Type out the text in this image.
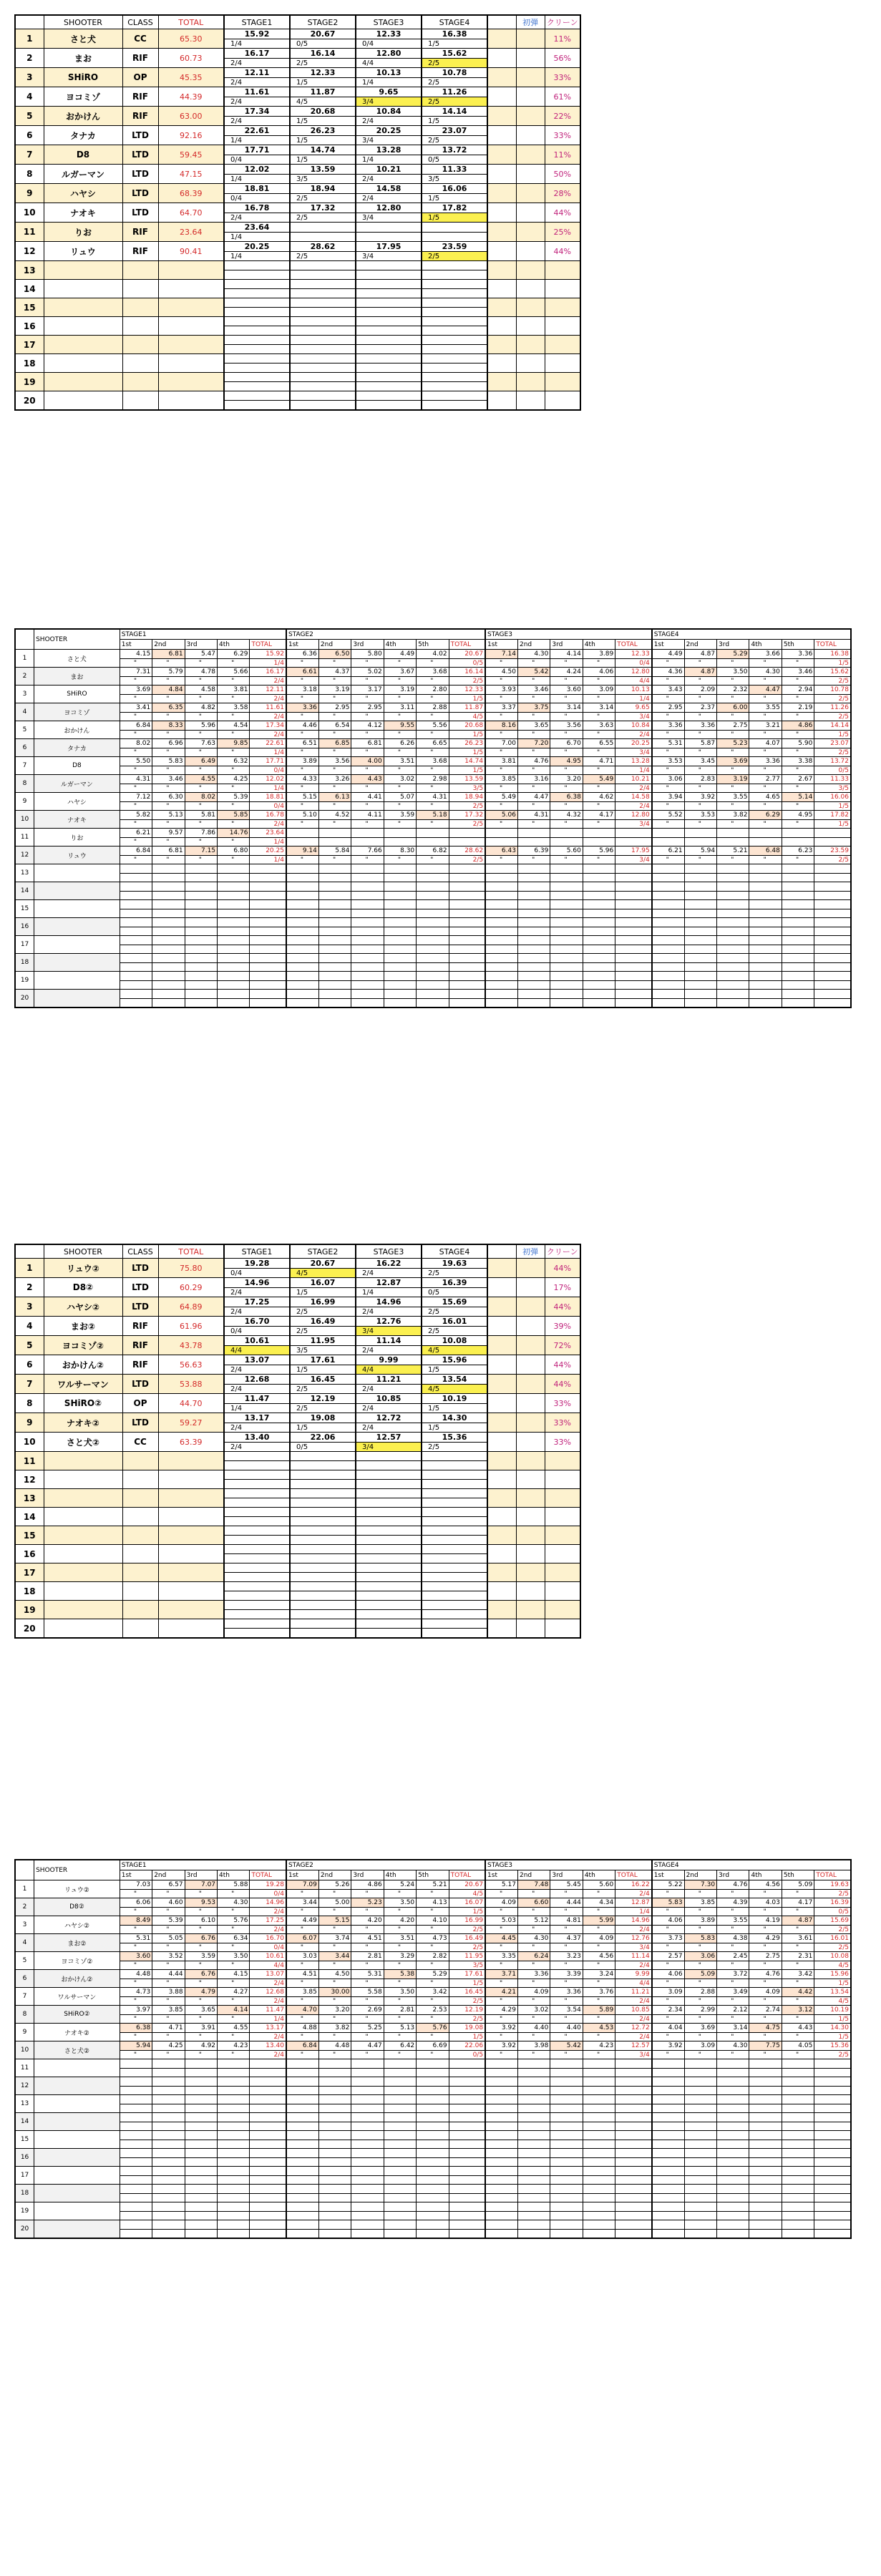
	SHOOTER	CLASS	TOTAL	STAGE1	STAGE2	STAGE3	STAGE4		初弾	クリーン
1	さと犬	CC	65.30	15.92	20.67	12.33	16.38			11%
				1/4	0/5	0/4	1/5			
2	まお	RIF	60.73	16.17	16.14	12.80	15.62			56%
				2/4	2/5	4/4	2/5			
3	SHiRO	OP	45.35	12.11	12.33	10.13	10.78			33%
				2/4	1/5	1/4	2/5			
4	ヨコミゾ	RIF	44.39	11.61	11.87	9.65	11.26			61%
				2/4	4/5	3/4	2/5			
5	おかけん	RIF	63.00	17.34	20.68	10.84	14.14			22%
				2/4	1/5	2/4	1/5			
6	タナカ	LTD	92.16	22.61	26.23	20.25	23.07			33%
				1/4	1/5	3/4	2/5			
7	D8	LTD	59.45	17.71	14.74	13.28	13.72			11%
				0/4	1/5	1/4	0/5			
8	ルガーマン	LTD	47.15	12.02	13.59	10.21	11.33			50%
				1/4	3/5	2/4	3/5			
9	ハヤシ	LTD	68.39	18.81	18.94	14.58	16.06			28%
				0/4	2/5	2/4	1/5			
10	ナオキ	LTD	64.70	16.78	17.32	12.80	17.82			44%
				2/4	2/5	3/4	1/5			
11	りお	RIF	23.64	23.64						25%
				1/4						
12	リュウ	RIF	90.41	20.25	28.62	17.95	23.59			44%
				1/4	2/5	3/4	2/5			
13										

14										

15										

16										

17										

18										

19										

20										

	SHOOTER	STAGE1					STAGE2						STAGE3					STAGE4					
		1st	2nd	3rd	4th	TOTAL	1st	2nd	3rd	4th	5th	TOTAL	1st	2nd	3rd	4th	TOTAL	1st	2nd	3rd	4th	5th	TOTAL
1	さと犬	4.15	6.81	5.47	6.29	15.92	6.36	6.50	5.80	4.49	4.02	20.67	7.14	4.30	4.14	3.89	12.33	4.49	4.87	5.29	3.66	3.36	16.38
		"	"	"	"	1/4	"	"	"	"	"	0/5	"	"	"	"	0/4	"	"	"	"	"	1/5
2	まお	7.31	5.79	4.78	5.66	16.17	6.61	4.37	5.02	3.67	3.68	16.14	4.50	5.42	4.24	4.06	12.80	4.36	4.87	3.50	4.30	3.46	15.62
		"	"	"	"	2/4	"	"	"	"	"	2/5	"	"	"	"	4/4	"	"	"	"	"	2/5
3	SHiRO	3.69	4.84	4.58	3.81	12.11	3.18	3.19	3.17	3.19	2.80	12.33	3.93	3.46	3.60	3.09	10.13	3.43	2.09	2.32	4.47	2.94	10.78
		"	"	"	"	2/4	"	"	"	"	"	1/5	"	"	"	"	1/4	"	"	"	"	"	2/5
4	ヨコミゾ	3.41	6.35	4.82	3.58	11.61	3.36	2.95	2.95	3.11	2.88	11.87	3.37	3.75	3.14	3.14	9.65	2.95	2.37	6.00	3.55	2.19	11.26
		"	"	"	"	2/4	"	"	"	"	"	4/5	"	"	"	"	3/4	"	"	"	"	"	2/5
5	おかけん	6.84	8.33	5.96	4.54	17.34	4.46	6.54	4.12	9.55	5.56	20.68	8.16	3.65	3.56	3.63	10.84	3.36	3.36	2.75	3.21	4.86	14.14
		"	"	"	"	2/4	"	"	"	"	"	1/5	"	"	"	"	2/4	"	"	"	"	"	1/5
6	タナカ	8.02	6.96	7.63	9.85	22.61	6.51	6.85	6.81	6.26	6.65	26.23	7.00	7.20	6.70	6.55	20.25	5.31	5.87	5.23	4.07	5.90	23.07
		"	"	"	"	1/4	"	"	"	"	"	1/5	"	"	"	"	3/4	"	"	"	"	"	2/5
7	D8	5.50	5.83	6.49	6.32	17.71	3.89	3.56	4.00	3.51	3.68	14.74	3.81	4.76	4.95	4.71	13.28	3.53	3.45	3.69	3.36	3.38	13.72
		"	"	"	"	0/4	"	"	"	"	"	1/5	"	"	"	"	1/4	"	"	"	"	"	0/5
8	ルガーマン	4.31	3.46	4.55	4.25	12.02	4.33	3.26	4.43	3.02	2.98	13.59	3.85	3.16	3.20	5.49	10.21	3.06	2.83	3.19	2.77	2.67	11.33
		"	"	"	"	1/4	"	"	"	"	"	3/5	"	"	"	"	2/4	"	"	"	"	"	3/5
9	ハヤシ	7.12	6.30	8.02	5.39	18.81	5.15	6.13	4.41	5.07	4.31	18.94	5.49	4.47	6.38	4.62	14.58	3.94	3.92	3.55	4.65	5.14	16.06
		"	"	"	"	0/4	"	"	"	"	"	2/5	"	"	"	"	2/4	"	"	"	"	"	1/5
10	ナオキ	5.82	5.13	5.81	5.85	16.78	5.10	4.52	4.11	3.59	5.18	17.32	5.06	4.31	4.32	4.17	12.80	5.52	3.53	3.82	6.29	4.95	17.82
		"	"	"	"	2/4	"	"	"	"	"	2/5	"	"	"	"	3/4	"	"	"	"	"	1/5
11	りお	6.21	9.57	7.86	14.76	23.64																	
		"	"	"	"	1/4																	
12	リュウ	6.84	6.81	7.15	6.80	20.25	9.14	5.84	7.66	8.30	6.82	28.62	6.43	6.39	5.60	5.96	17.95	6.21	5.94	5.21	6.48	6.23	23.59
		"	"	"	"	1/4	"	"	"	"	"	2/5	"	"	"	"	3/4	"	"	"	"	"	2/5
13																							

14																							

15																							

16																							

17																							

18																							

19																							

20																							

	SHOOTER	CLASS	TOTAL	STAGE1	STAGE2	STAGE3	STAGE4		初弾	クリーン
1	リュウ②	LTD	75.80	19.28	20.67	16.22	19.63			44%
				0/4	4/5	2/4	2/5			
2	D8②	LTD	60.29	14.96	16.07	12.87	16.39			17%
				2/4	1/5	1/4	0/5			
3	ハヤシ②	LTD	64.89	17.25	16.99	14.96	15.69			44%
				2/4	2/5	2/4	2/5			
4	まお②	RIF	61.96	16.70	16.49	12.76	16.01			39%
				0/4	2/5	3/4	2/5			
5	ヨコミゾ②	RIF	43.78	10.61	11.95	11.14	10.08			72%
				4/4	3/5	2/4	4/5			
6	おかけん②	RIF	56.63	13.07	17.61	9.99	15.96			44%
				2/4	1/5	4/4	1/5			
7	ワルサーマン	LTD	53.88	12.68	16.45	11.21	13.54			44%
				2/4	2/5	2/4	4/5			
8	SHiRO②	OP	44.70	11.47	12.19	10.85	10.19			33%
				1/4	2/5	2/4	1/5			
9	ナオキ②	LTD	59.27	13.17	19.08	12.72	14.30			33%
				2/4	1/5	2/4	1/5			
10	さと犬②	CC	63.39	13.40	22.06	12.57	15.36			33%
				2/4	0/5	3/4	2/5			
11										

12										

13										

14										

15										

16										

17										

18										

19										

20										

	SHOOTER	STAGE1					STAGE2						STAGE3					STAGE4					
		1st	2nd	3rd	4th	TOTAL	1st	2nd	3rd	4th	5th	TOTAL	1st	2nd	3rd	4th	TOTAL	1st	2nd	3rd	4th	5th	TOTAL
1	リュウ②	7.03	6.57	7.07	5.88	19.28	7.09	5.26	4.86	5.24	5.21	20.67	5.17	7.48	5.45	5.60	16.22	5.22	7.30	4.76	4.56	5.09	19.63
		"	"	"	"	0/4	"	"	"	"	"	4/5	"	"	"	"	2/4	"	"	"	"	"	2/5
2	D8②	6.06	4.60	9.53	4.30	14.96	3.44	5.00	5.23	3.50	4.13	16.07	4.09	6.60	4.44	4.34	12.87	5.83	3.85	4.39	4.03	4.17	16.39
		"	"	"	"	2/4	"	"	"	"	"	1/5	"	"	"	"	1/4	"	"	"	"	"	0/5
3	ハヤシ②	8.49	5.39	6.10	5.76	17.25	4.49	5.15	4.20	4.20	4.10	16.99	5.03	5.12	4.81	5.99	14.96	4.06	3.89	3.55	4.19	4.87	15.69
		"	"	"	"	2/4	"	"	"	"	"	2/5	"	"	"	"	2/4	"	"	"	"	"	2/5
4	まお②	5.31	5.05	6.76	6.34	16.70	6.07	3.74	4.51	3.51	4.73	16.49	4.45	4.30	4.37	4.09	12.76	3.73	5.83	4.38	4.29	3.61	16.01
		"	"	"	"	0/4	"	"	"	"	"	2/5	"	"	"	"	3/4	"	"	"	"	"	2/5
5	ヨコミゾ②	3.60	3.52	3.59	3.50	10.61	3.03	3.44	2.81	3.29	2.82	11.95	3.35	6.24	3.23	4.56	11.14	2.57	3.06	2.45	2.75	2.31	10.08
		"	"	"	"	4/4	"	"	"	"	"	3/5	"	"	"	"	2/4	"	"	"	"	"	4/5
6	おかけん②	4.48	4.44	6.76	4.15	13.07	4.51	4.50	5.31	5.38	5.29	17.61	3.71	3.36	3.39	3.24	9.99	4.06	5.09	3.72	4.76	3.42	15.96
		"	"	"	"	2/4	"	"	"	"	"	1/5	"	"	"	"	4/4	"	"	"	"	"	1/5
7	ワルサーマン	4.73	3.88	4.79	4.27	12.68	3.85	30.00	5.58	3.50	3.42	16.45	4.21	4.09	3.36	3.76	11.21	3.09	2.88	3.49	4.09	4.42	13.54
		"	"	"	"	2/4	"	"	"	"	"	2/5	"	"	"	"	2/4	"	"	"	"	"	4/5
8	SHiRO②	3.97	3.85	3.65	4.14	11.47	4.70	3.20	2.69	2.81	2.53	12.19	4.29	3.02	3.54	5.89	10.85	2.34	2.99	2.12	2.74	3.12	10.19
		"	"	"	"	1/4	"	"	"	"	"	2/5	"	"	"	"	2/4	"	"	"	"	"	1/5
9	ナオキ②	6.38	4.71	3.91	4.55	13.17	4.88	3.82	5.25	5.13	5.76	19.08	3.92	4.40	4.40	4.53	12.72	4.04	3.69	3.14	4.75	4.43	14.30
		"	"	"	"	2/4	"	"	"	"	"	1/5	"	"	"	"	2/4	"	"	"	"	"	1/5
10	さと犬②	5.94	4.25	4.92	4.23	13.40	6.84	4.48	4.47	6.42	6.69	22.06	3.92	3.98	5.42	4.23	12.57	3.92	3.09	4.30	7.75	4.05	15.36
		"	"	"	"	2/4	"	"	"	"	"	0/5	"	"	"	"	3/4	"	"	"	"	"	2/5
11																							

12																							

13																							

14																							

15																							

16																							

17																							

18																							

19																							

20																							
